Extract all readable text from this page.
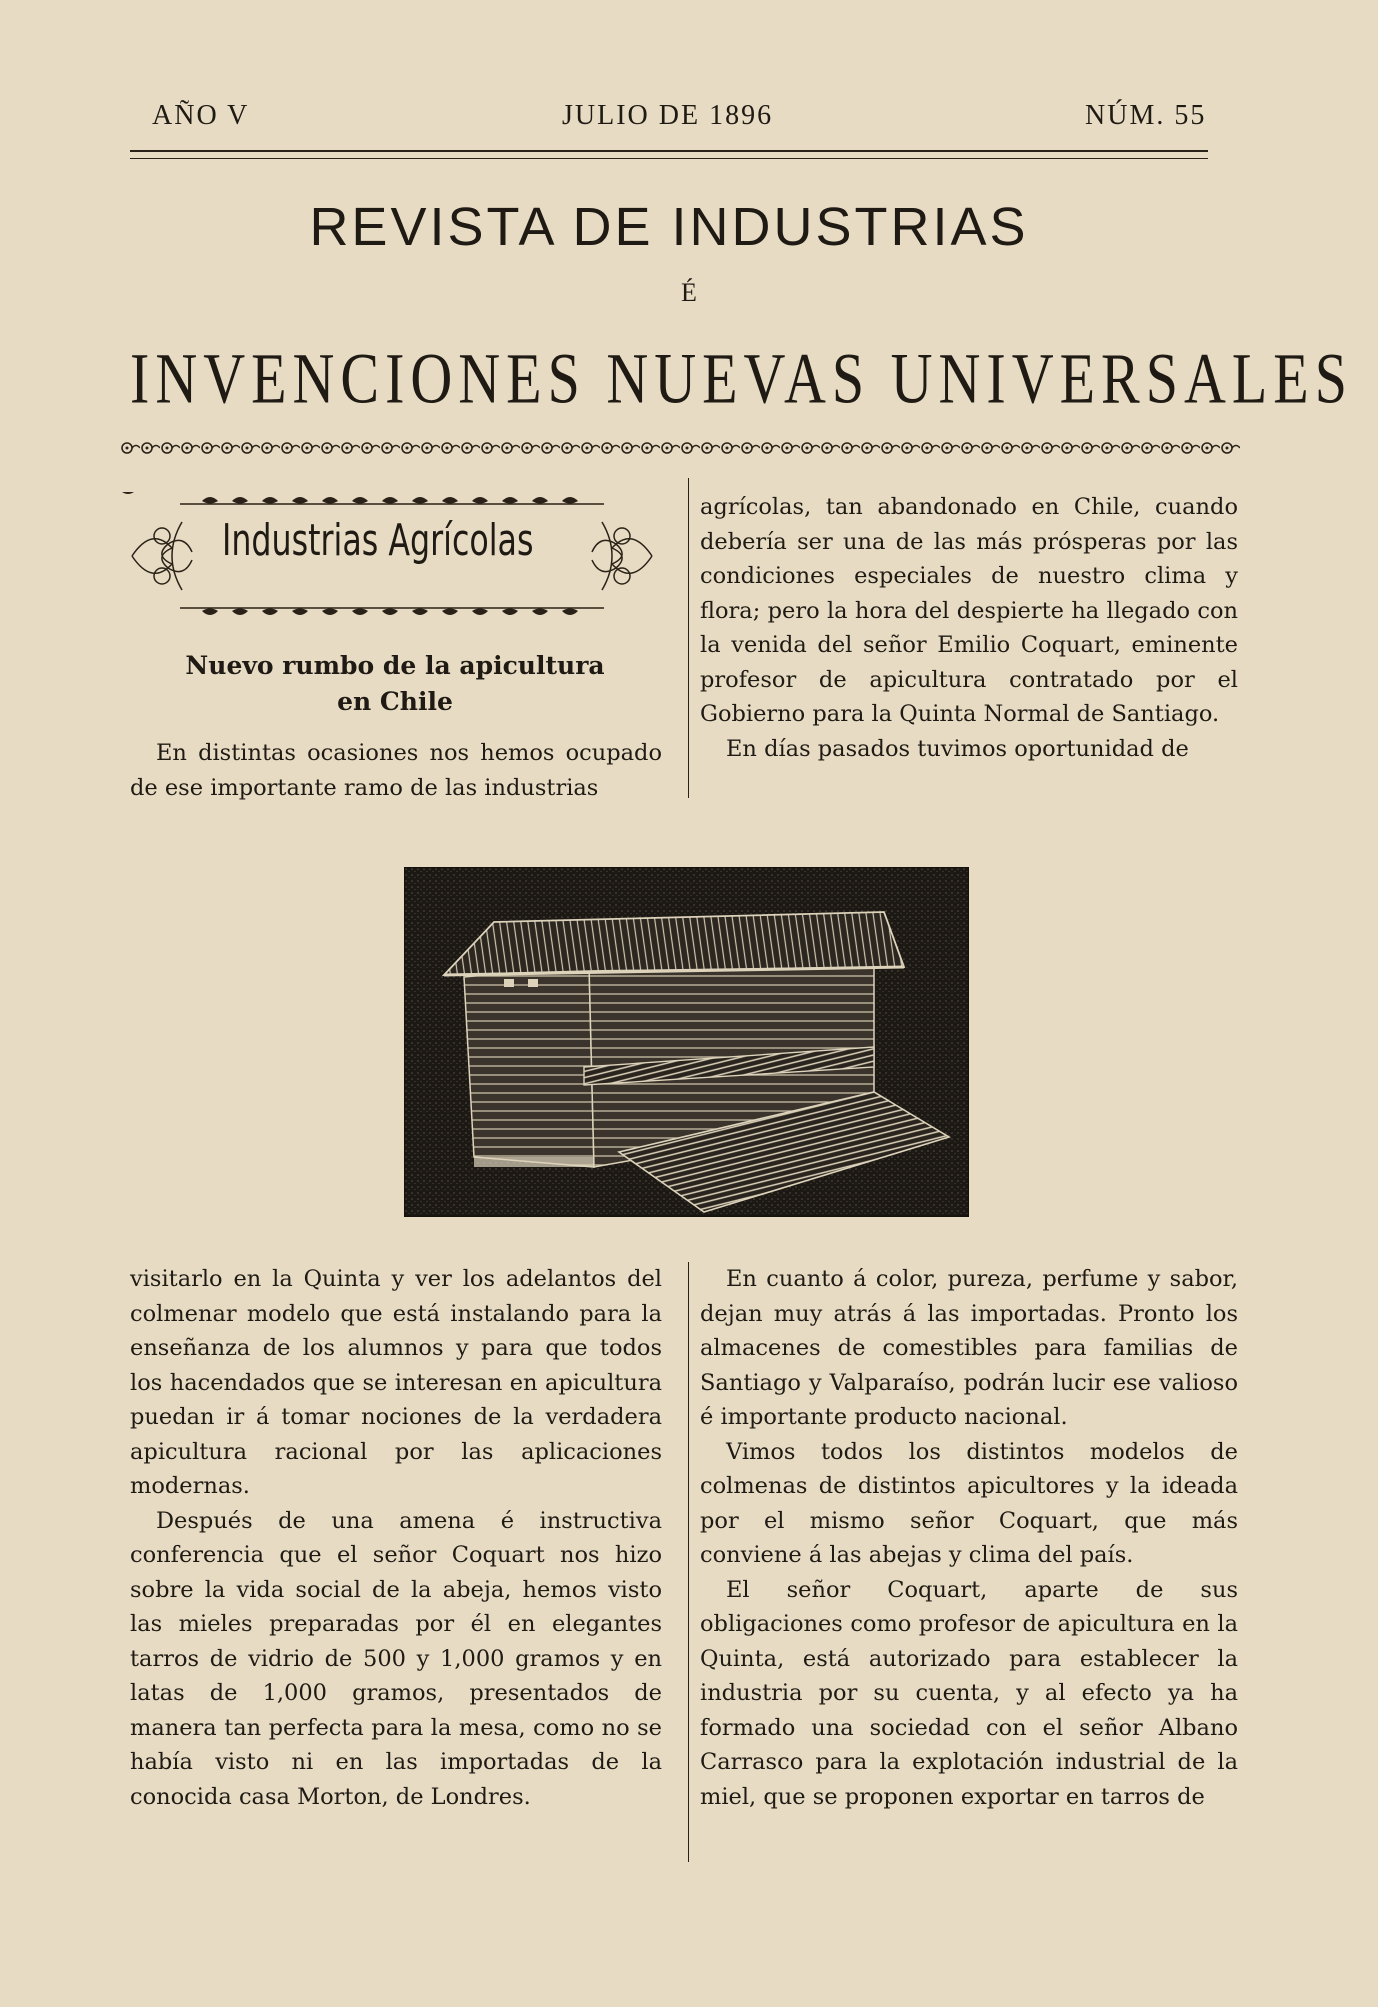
AÑO V	JULIO DE 1896	NÚM. 55
REVISTA DE INDUSTRIAS
É
INVENCIONES NUEVAS UNIVERSALES
Industrias Agrícolas
Nuevo rumbo de la apicultura
en Chile

En distintas ocasiones nos hemos ocupado de ese importante ramo de las industrias

agrícolas, tan abandonado en Chile, cuando debería ser una de las más prósperas por las condiciones especiales de nuestro clima y flora; pero la hora del despierte ha llegado con la venida del señor Emilio Coquart, eminente profesor de apicultura contratado por el Gobierno para la Quinta Normal de Santiago.

En días pasados tuvimos oportunidad de

visitarlo en la Quinta y ver los adelantos del colmenar modelo que está instalando para la enseñanza de los alumnos y para que todos los hacendados que se interesan en apicultura puedan ir á tomar nociones de la verdadera apicultura racional por las aplicaciones modernas.

Después de una amena é instructiva conferencia que el señor Coquart nos hizo sobre la vida social de la abeja, hemos visto las mieles preparadas por él en elegantes tarros de vidrio de 500 y 1,000 gramos y en latas de 1,000 gramos, presentados de manera tan perfecta para la mesa, como no se había visto ni en las importadas de la conocida casa Morton, de Londres.

En cuanto á color, pureza, perfume y sabor, dejan muy atrás á las importadas. Pronto los almacenes de comestibles para familias de Santiago y Valparaíso, podrán lucir ese valioso é importante producto nacional.

Vimos todos los distintos modelos de colmenas de distintos apicultores y la ideada por el mismo señor Coquart, que más conviene á las abejas y clima del país.

El señor Coquart, aparte de sus obligaciones como profesor de apicultura en la Quinta, está autorizado para establecer la industria por su cuenta, y al efecto ya ha formado una sociedad con el señor Albano Carrasco para la explotación industrial de la miel, que se proponen exportar en tarros de
